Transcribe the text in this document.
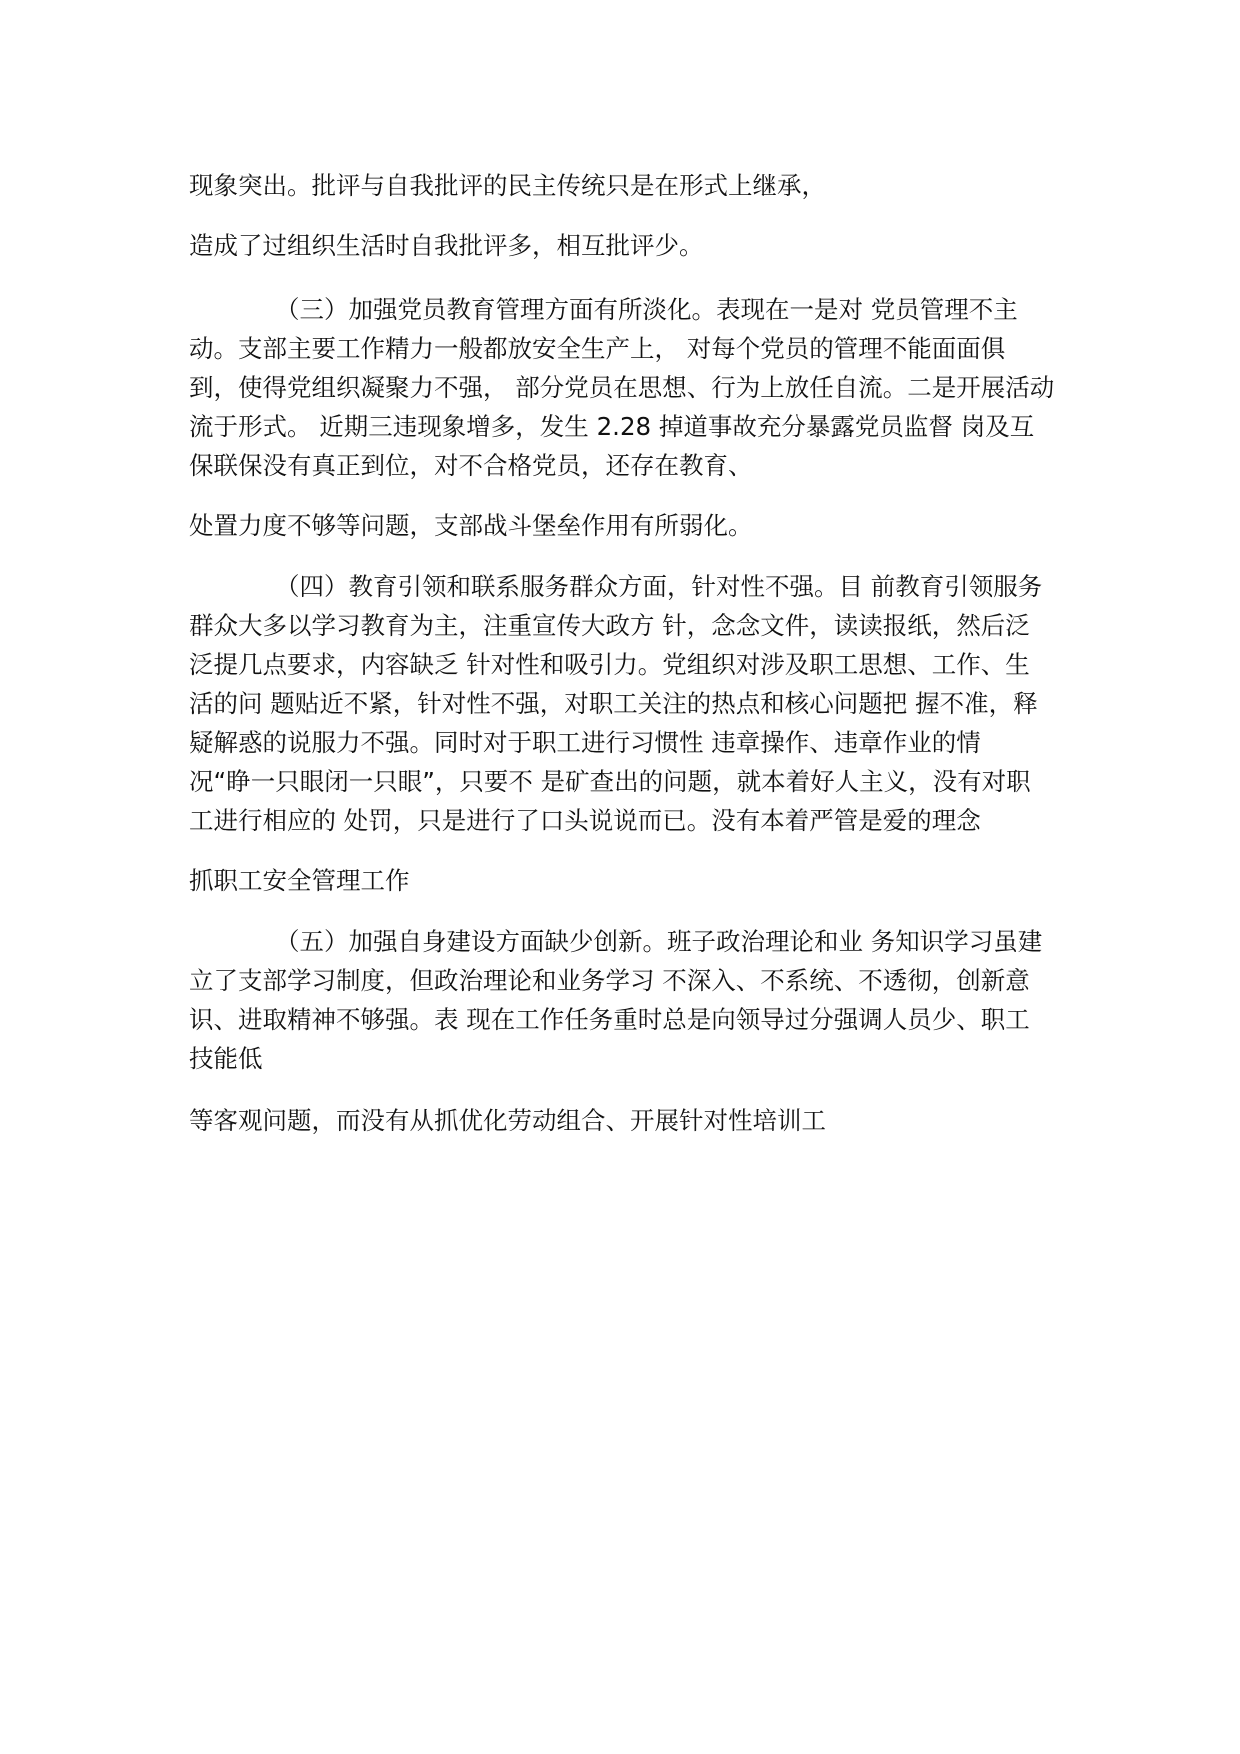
现象突出。批评与自我批评的民主传统只是在形式上继承，
造成了过组织生活时自我批评多，相互批评少。
（三）加强党员教育管理方面有所淡化。表现在一是对 党员管理不主
动。支部主要工作精力一般都放安全生产上， 对每个党员的管理不能面面俱
到，使得党组织凝聚力不强， 部分党员在思想、行为上放任自流。二是开展活动
流于形式。 近期三违现象增多，发生 2.28 掉道事故充分暴露党员监督 岗及互
保联保没有真正到位，对不合格党员，还存在教育、
处置力度不够等问题，支部战斗堡垒作用有所弱化。
（四）教育引领和联系服务群众方面，针对性不强。目 前教育引领服务
群众大多以学习教育为主，注重宣传大政方 针，念念文件，读读报纸，然后泛
泛提几点要求，内容缺乏 针对性和吸引力。党组织对涉及职工思想、工作、生
活的问 题贴近不紧，针对性不强，对职工关注的热点和核心问题把 握不准，释
疑解惑的说服力不强。同时对于职工进行习惯性 违章操作、违章作业的情
况“睁一只眼闭一只眼”，只要不 是矿查出的问题，就本着好人主义，没有对职
工进行相应的 处罚，只是进行了口头说说而已。没有本着严管是爱的理念
抓职工安全管理工作
（五）加强自身建设方面缺少创新。班子政治理论和业 务知识学习虽建
立了支部学习制度，但政治理论和业务学习 不深入、不系统、不透彻，创新意
识、进取精神不够强。表 现在工作任务重时总是向领导过分强调人员少、职工
技能低
等客观问题，而没有从抓优化劳动组合、开展针对性培训工
